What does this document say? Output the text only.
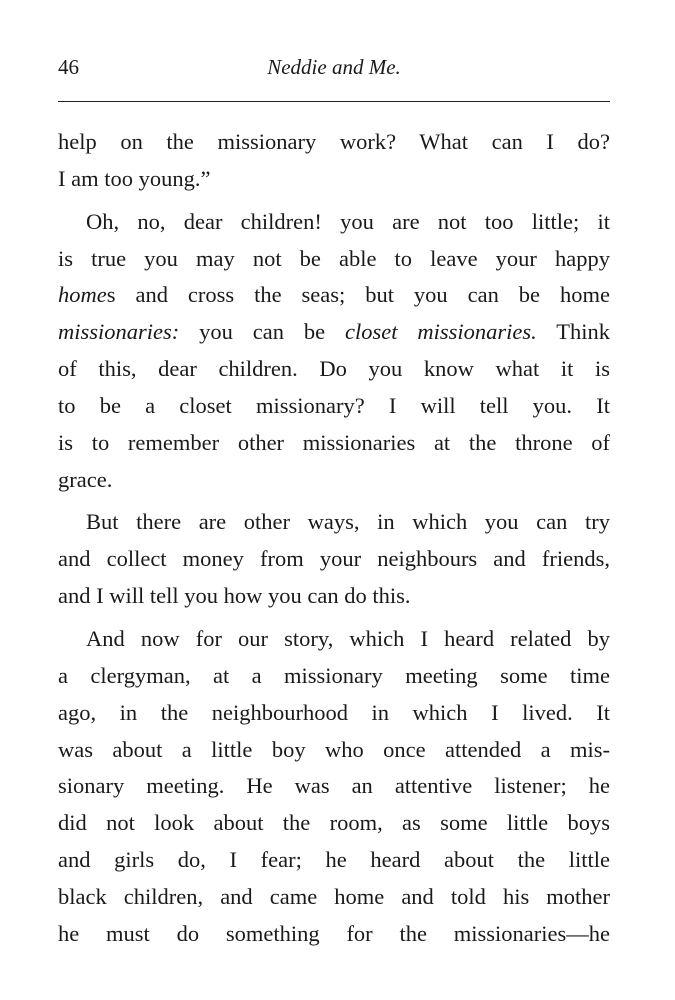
46	Neddie and Me.
help on the missionary work? What can I do?
I am too young.”
Oh, no, dear children! you are not too little; it
is true you may not be able to leave your happy
homes and cross the seas; but you can be home
missionaries: you can be closet missionaries. Think
of this, dear children. Do you know what it is
to be a closet missionary? I will tell you. It
is to remember other missionaries at the throne of
grace.
But there are other ways, in which you can try
and collect money from your neighbours and friends,
and I will tell you how you can do this.
And now for our story, which I heard related by
a clergyman, at a missionary meeting some time
ago, in the neighbourhood in which I lived. It
was about a little boy who once attended a mis-
sionary meeting. He was an attentive listener; he
did not look about the room, as some little boys
and girls do, I fear; he heard about the little
black children, and came home and told his mother
he must do something for the missionaries—he
